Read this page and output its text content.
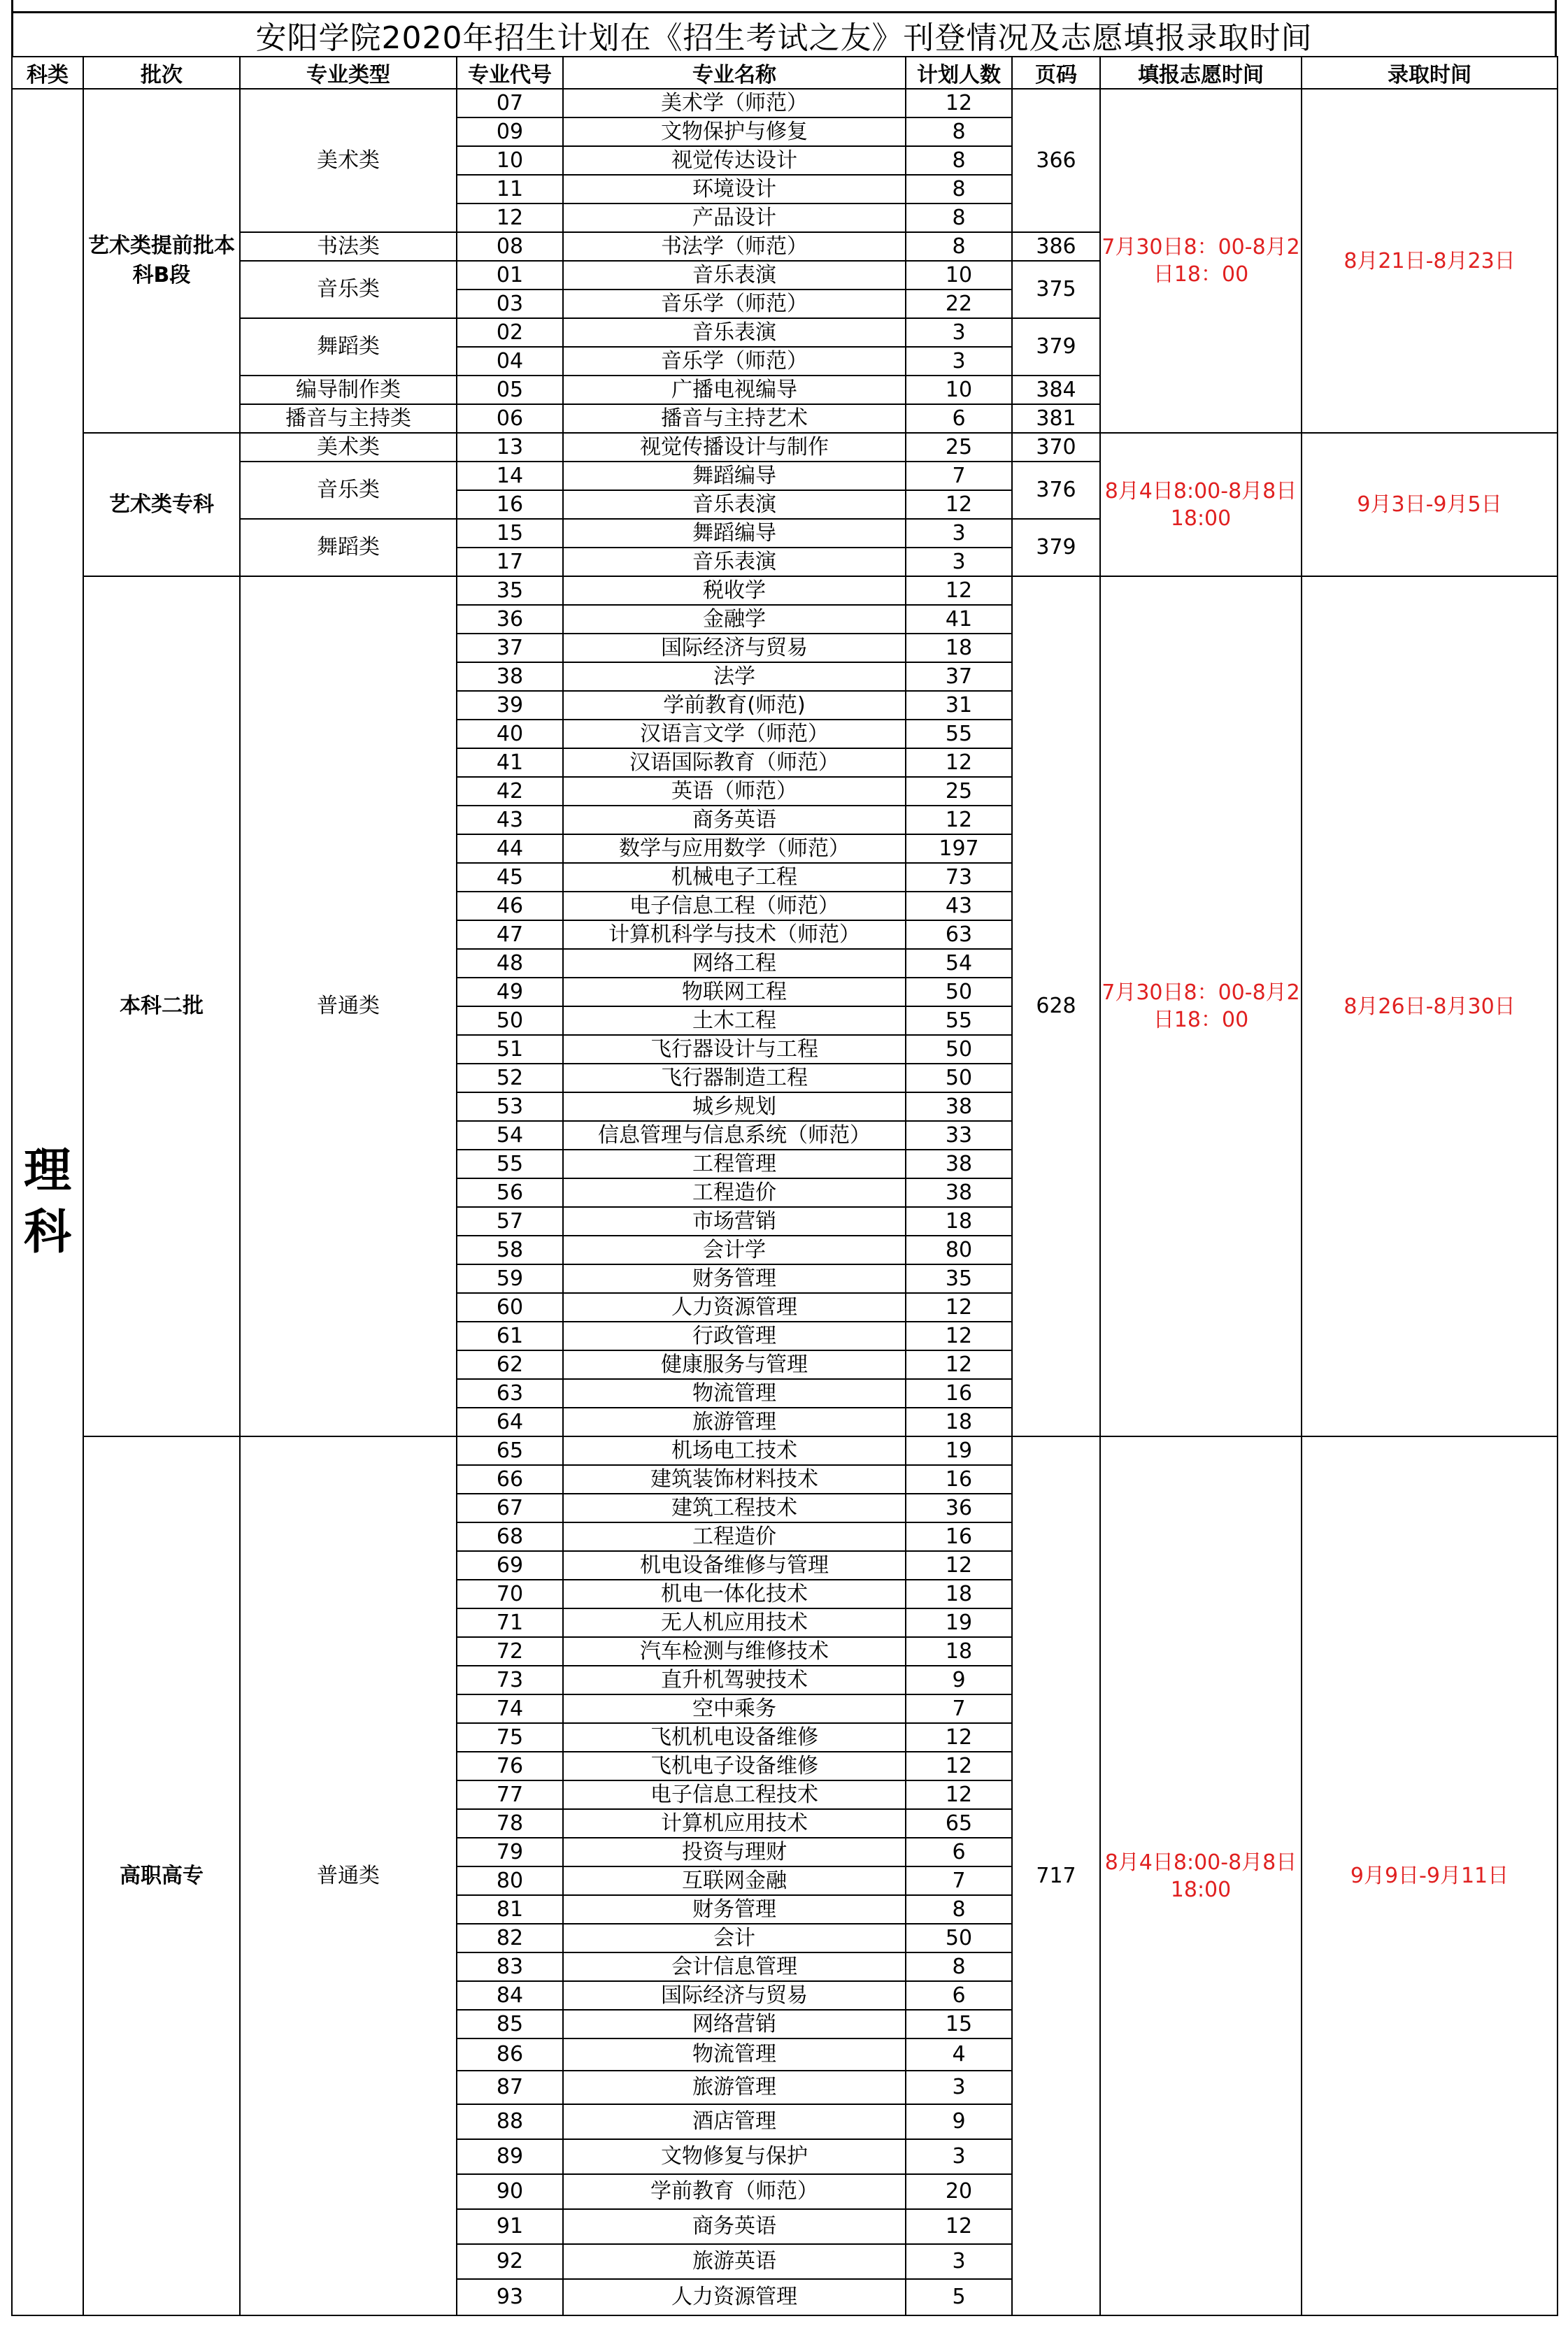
安阳学院2020年招生计划在《招生考试之友》刊登情况及志愿填报录取时间
科类	批次	专业类型	专业代号	专业名称	计划人数	页码	填报志愿时间	录取时间
理科	艺术类提前批本科B段	美术类	07	美术学（师范）	12	366	7月30日8：00-8月2日18：00	8月21日-8月23日
			09	文物保护与修复	8			
			10	视觉传达设计	8			
			11	环境设计	8			
			12	产品设计	8			
		书法类	08	书法学（师范）	8	386		
		音乐类	01	音乐表演	10	375		
			03	音乐学（师范）	22			
		舞蹈类	02	音乐表演	3	379		
			04	音乐学（师范）	3			
		编导制作类	05	广播电视编导	10	384		
		播音与主持类	06	播音与主持艺术	6	381		
	艺术类专科	美术类	13	视觉传播设计与制作	25	370	8月4日8:00-8月8日18:00	9月3日-9月5日
		音乐类	14	舞蹈编导	7	376		
			16	音乐表演	12			
		舞蹈类	15	舞蹈编导	3	379		
			17	音乐表演	3			
	本科二批	普通类	35	税收学	12	628	7月30日8：00-8月2日18：00	8月26日-8月30日
			36	金融学	41			
			37	国际经济与贸易	18			
			38	法学	37			
			39	学前教育(师范)	31			
			40	汉语言文学（师范）	55			
			41	汉语国际教育（师范）	12			
			42	英语（师范）	25			
			43	商务英语	12			
			44	数学与应用数学（师范）	197			
			45	机械电子工程	73			
			46	电子信息工程（师范）	43			
			47	计算机科学与技术（师范）	63			
			48	网络工程	54			
			49	物联网工程	50			
			50	土木工程	55			
			51	飞行器设计与工程	50			
			52	飞行器制造工程	50			
			53	城乡规划	38			
			54	信息管理与信息系统（师范）	33			
			55	工程管理	38			
			56	工程造价	38			
			57	市场营销	18			
			58	会计学	80			
			59	财务管理	35			
			60	人力资源管理	12			
			61	行政管理	12			
			62	健康服务与管理	12			
			63	物流管理	16			
			64	旅游管理	18			
	高职高专	普通类	65	机场电工技术	19	717	8月4日8:00-8月8日18:00	9月9日-9月11日
			66	建筑装饰材料技术	16			
			67	建筑工程技术	36			
			68	工程造价	16			
			69	机电设备维修与管理	12			
			70	机电一体化技术	18			
			71	无人机应用技术	19			
			72	汽车检测与维修技术	18			
			73	直升机驾驶技术	9			
			74	空中乘务	7			
			75	飞机机电设备维修	12			
			76	飞机电子设备维修	12			
			77	电子信息工程技术	12			
			78	计算机应用技术	65			
			79	投资与理财	6			
			80	互联网金融	7			
			81	财务管理	8			
			82	会计	50			
			83	会计信息管理	8			
			84	国际经济与贸易	6			
			85	网络营销	15			
			86	物流管理	4			
			87	旅游管理	3			
			88	酒店管理	9			
			89	文物修复与保护	3			
			90	学前教育（师范）	20			
			91	商务英语	12			
			92	旅游英语	3			
			93	人力资源管理	5			
